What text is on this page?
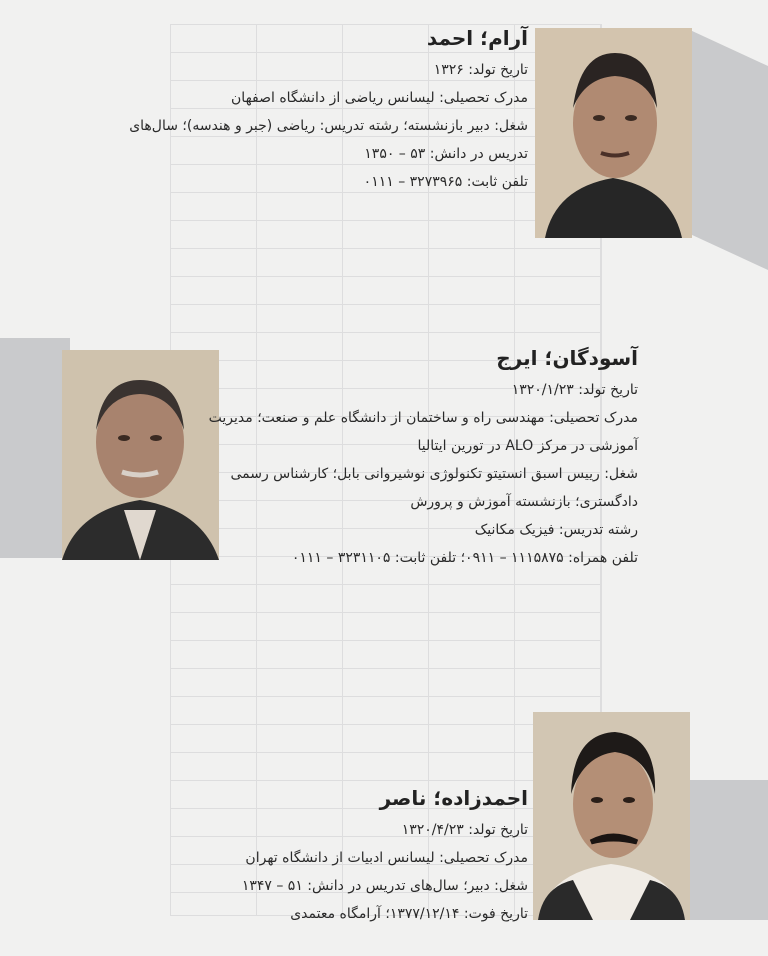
آرام؛ احمد
تاریخ تولد: ۱۳۲۶
مدرک تحصیلی: لیسانس ریاضی از دانشگاه اصفهان
شغل: دبیر بازنشسته؛ رشته تدریس: ریاضی (جبر و هندسه)؛ سال‌های
تدریس در دانش: ۵۳ – ۱۳۵۰
تلفن ثابت: ۳۲۷۳۹۶۵ – ۰۱۱۱
آسودگان؛ ایرج
تاریخ تولد: ۱۳۲۰/۱/۲۳
مدرک تحصیلی: مهندسی راه و ساختمان از دانشگاه علم و صنعت؛ مدیریت
آموزشی در مرکز ALO در تورین ایتالیا
شغل: رییس اسبق انستیتو تکنولوژی نوشیروانی بابل؛ کارشناس رسمی
دادگستری؛ بازنشسته آموزش و پرورش
رشته تدریس: فیزیک مکانیک
تلفن همراه: ۱۱۱۵۸۷۵ – ۰۹۱۱؛ تلفن ثابت: ۳۲۳۱۱۰۵ – ۰۱۱۱
احمدزاده؛ ناصر
تاریخ تولد: ۱۳۲۰/۴/۲۳
مدرک تحصیلی: لیسانس ادبیات از دانشگاه تهران
شغل: دبیر؛ سال‌های تدریس در دانش: ۵۱ – ۱۳۴۷
تاریخ فوت: ۱۳۷۷/۱۲/۱۴؛ آرامگاه معتمدی
